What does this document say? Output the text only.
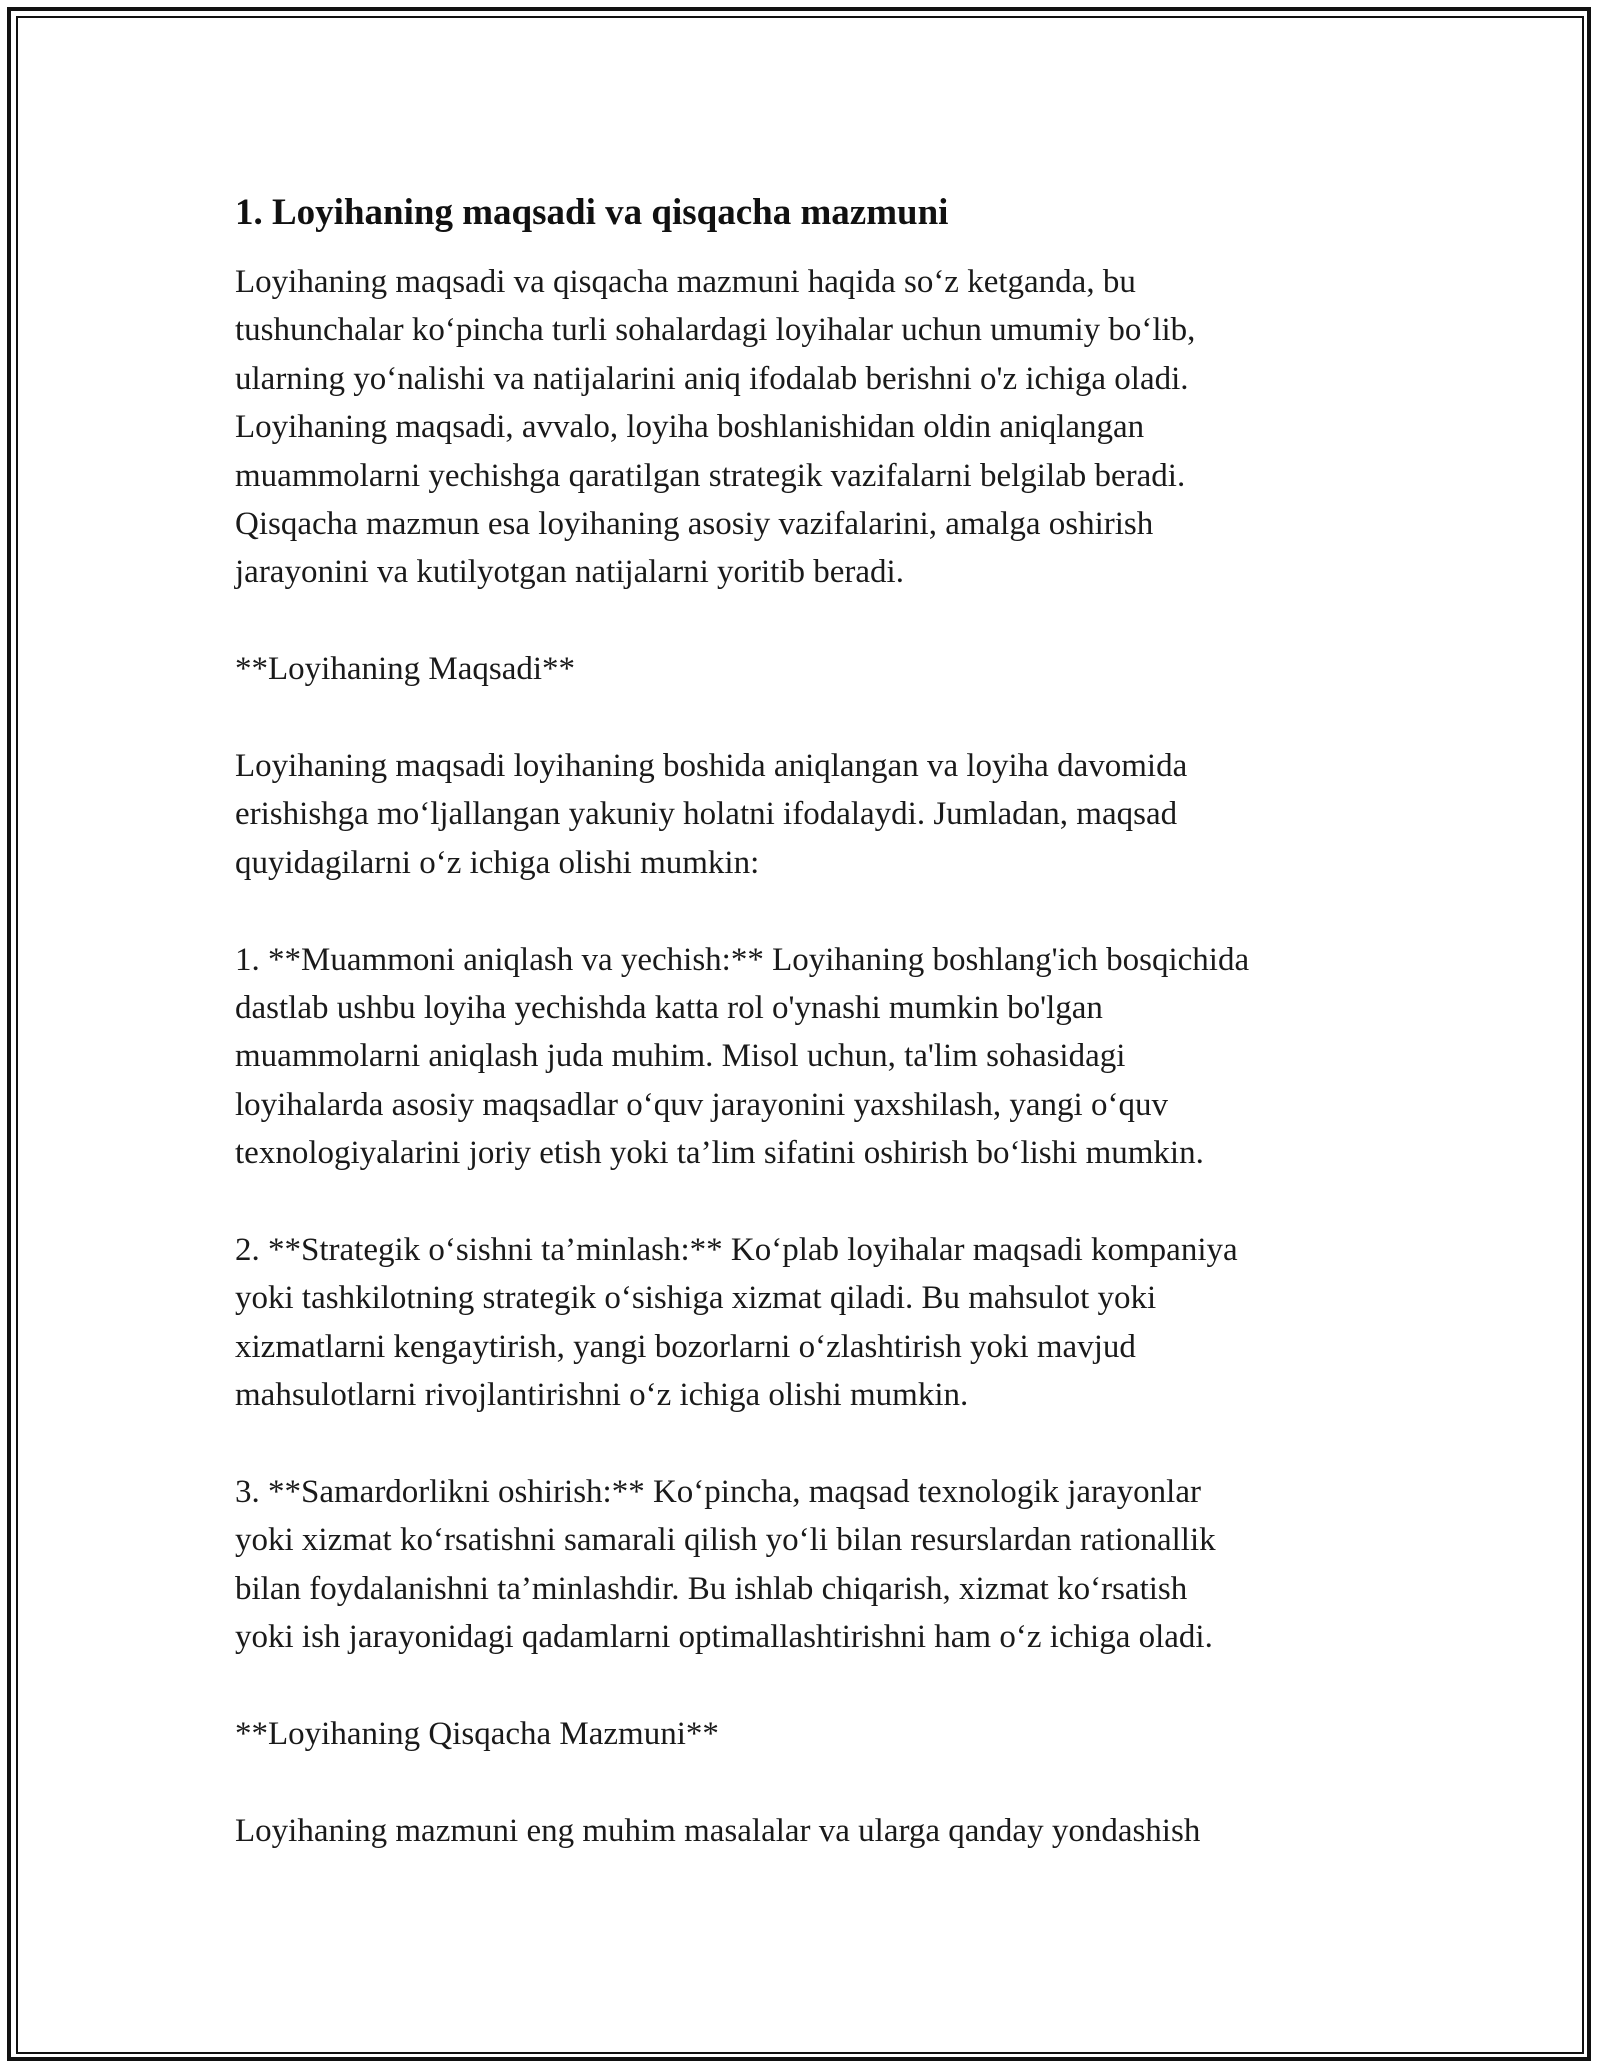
1. Loyihaning maqsadi va qisqacha mazmuni

Loyihaning maqsadi va qisqacha mazmuni haqida so‘z ketganda, bu
tushunchalar ko‘pincha turli sohalardagi loyihalar uchun umumiy bo‘lib,
ularning yo‘nalishi va natijalarini aniq ifodalab berishni o'z ichiga oladi.
Loyihaning maqsadi, avvalo, loyiha boshlanishidan oldin aniqlangan
muammolarni yechishga qaratilgan strategik vazifalarni belgilab beradi.
Qisqacha mazmun esa loyihaning asosiy vazifalarini, amalga oshirish
jarayonini va kutilyotgan natijalarni yoritib beradi.

**Loyihaning Maqsadi**

Loyihaning maqsadi loyihaning boshida aniqlangan va loyiha davomida
erishishga mo‘ljallangan yakuniy holatni ifodalaydi. Jumladan, maqsad
quyidagilarni o‘z ichiga olishi mumkin:

1. **Muammoni aniqlash va yechish:** Loyihaning boshlang'ich bosqichida
dastlab ushbu loyiha yechishda katta rol o'ynashi mumkin bo'lgan
muammolarni aniqlash juda muhim. Misol uchun, ta'lim sohasidagi
loyihalarda asosiy maqsadlar o‘quv jarayonini yaxshilash, yangi o‘quv
texnologiyalarini joriy etish yoki ta’lim sifatini oshirish bo‘lishi mumkin.

2. **Strategik o‘sishni ta’minlash:** Ko‘plab loyihalar maqsadi kompaniya
yoki tashkilotning strategik o‘sishiga xizmat qiladi. Bu mahsulot yoki
xizmatlarni kengaytirish, yangi bozorlarni o‘zlashtirish yoki mavjud
mahsulotlarni rivojlantirishni o‘z ichiga olishi mumkin.

3. **Samardorlikni oshirish:** Ko‘pincha, maqsad texnologik jarayonlar
yoki xizmat ko‘rsatishni samarali qilish yo‘li bilan resurslardan rationallik
bilan foydalanishni ta’minlashdir. Bu ishlab chiqarish, xizmat ko‘rsatish
yoki ish jarayonidagi qadamlarni optimallashtirishni ham o‘z ichiga oladi.

**Loyihaning Qisqacha Mazmuni**

Loyihaning mazmuni eng muhim masalalar va ularga qanday yondashish
